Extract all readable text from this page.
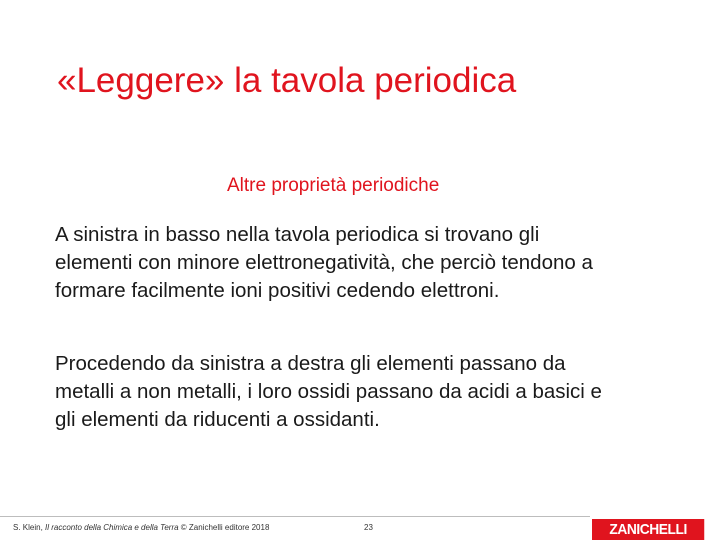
«Leggere» la tavola periodica
Altre proprietà periodiche

A sinistra in basso nella tavola periodica si trovano gli elementi con minore elettronegatività, che perciò tendono a formare facilmente ioni positivi cedendo elettroni.

Procedendo da sinistra a destra gli elementi passano da metalli a non metalli, i loro ossidi passano da acidi a basici e gli elementi da riducenti a ossidanti.

S. Klein, Il racconto della Chimica e della Terra © Zanichelli editore 2018	23	ZANICHELLI
